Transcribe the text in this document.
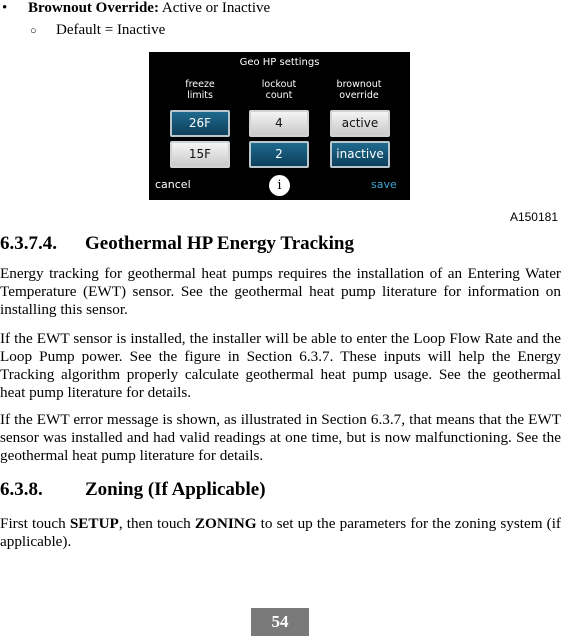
• Brownout Override: Active or Inactive
○ Default = Inactive
Geo HP settings
freeze
limits
lockout
count
brownout
override
26F
15F
4
2
active
inactive
cancel	i	save
A150181
6.3.7.4. Geothermal HP Energy Tracking
Energy tracking for geothermal heat pumps requires the installation of an Entering Water Temperature (EWT) sensor. See the geothermal heat pump literature for information on installing this sensor.
If the EWT sensor is installed, the installer will be able to enter the Loop Flow Rate and the Loop Pump power. See the figure in Section 6.3.7. These inputs will help the Energy Tracking algorithm properly calculate geothermal heat pump usage. See the geothermal heat pump literature for details.
If the EWT error message is shown, as illustrated in Section 6.3.7, that means that the EWT sensor was installed and had valid readings at one time, but is now malfunctioning. See the geothermal heat pump literature for details.
6.3.8. Zoning (If Applicable)
First touch SETUP, then touch ZONING to set up the parameters for the zoning system (if applicable).
54
